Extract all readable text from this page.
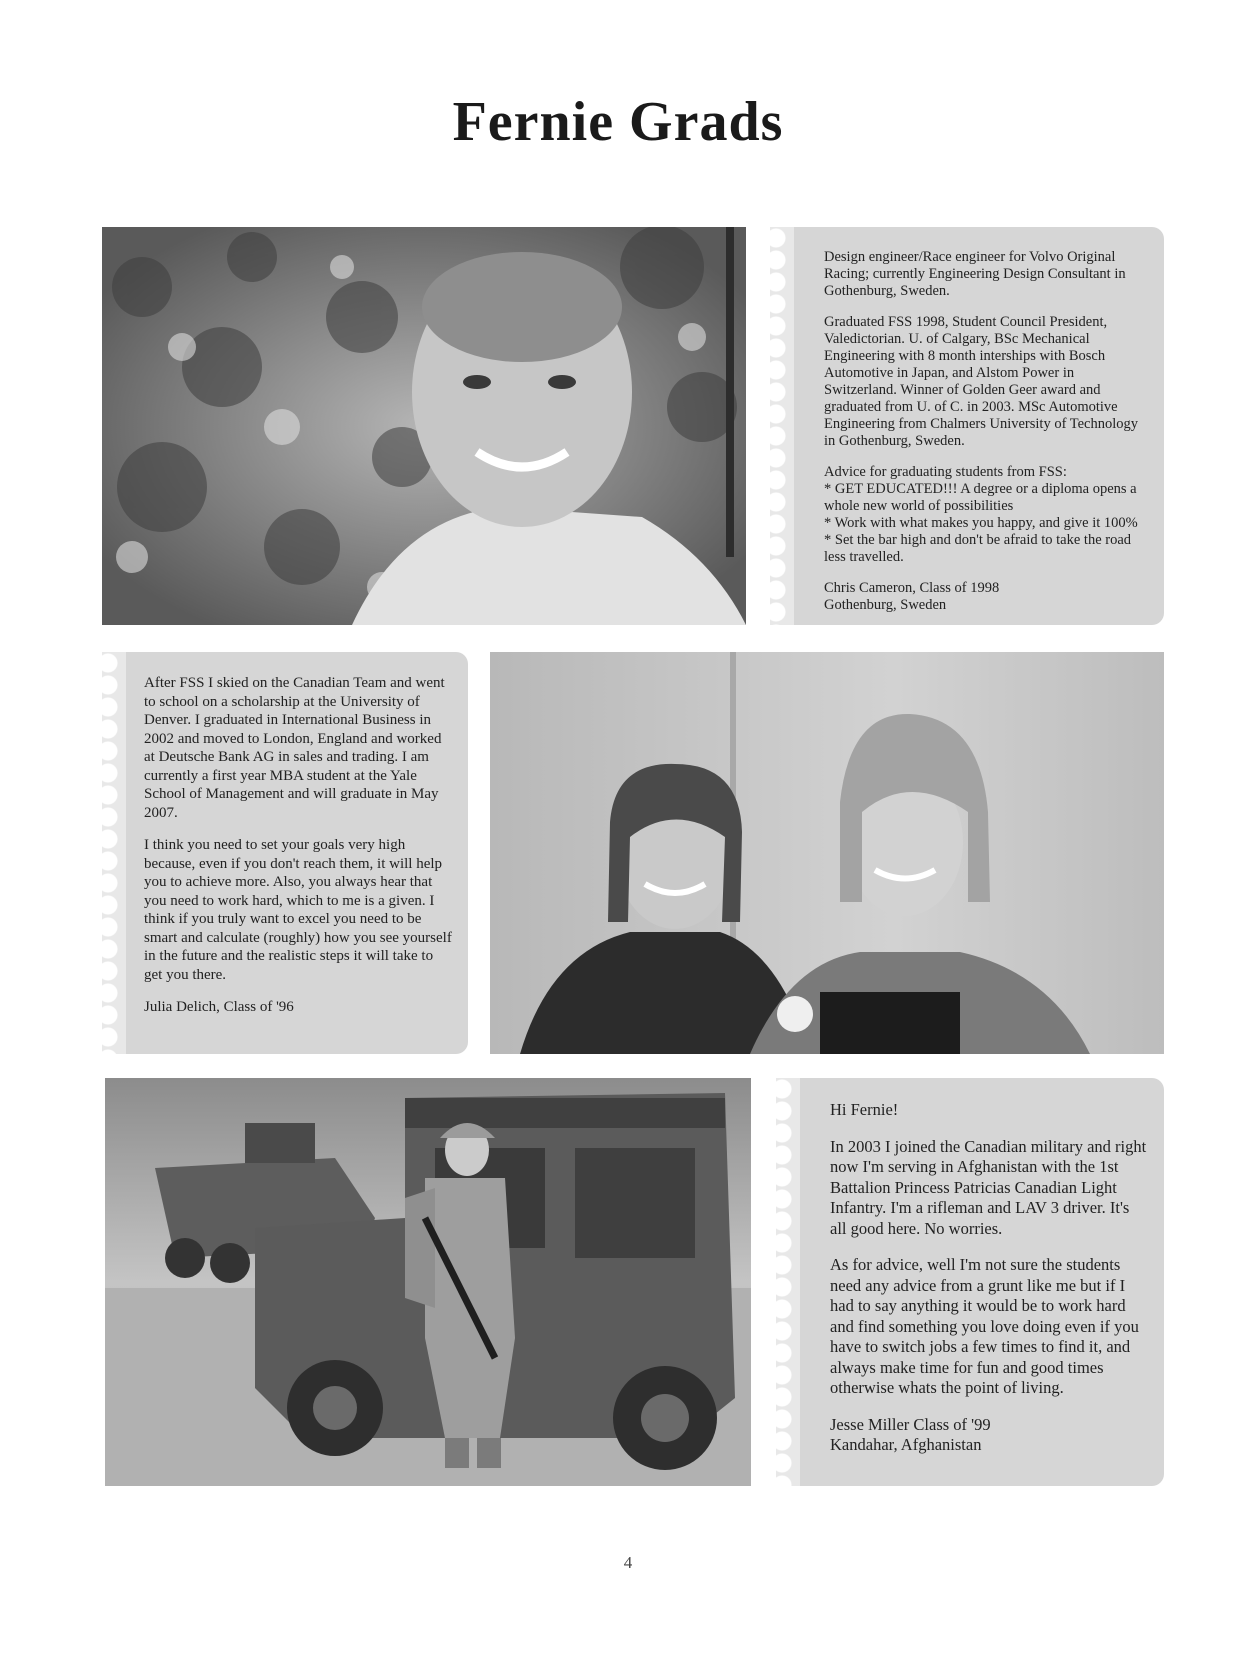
Fernie Grads

Design engineer/Race engineer for Volvo Original Racing; currently Engineering Design Consultant in Gothenburg, Sweden.

Graduated FSS 1998, Student Council President, Valedictorian. U. of Calgary, BSc Mechanical Engineering with 8 month interships with Bosch Automotive in Japan, and Alstom Power in Switzerland. Winner of Golden Geer award and graduated from U. of C. in 2003. MSc Automotive Engineering from Chalmers University of Technology in Gothenburg, Sweden.

Advice for graduating students from FSS:
* GET EDUCATED!!! A degree or a diploma opens a whole new world of possibilities
* Work with what makes you happy, and give it 100%
* Set the bar high and don't be afraid to take the road less travelled.

Chris Cameron, Class of 1998
Gothenburg, Sweden

After FSS I skied on the Canadian Team and went to school on a scholarship at the University of Denver. I graduated in International Business in 2002 and moved to London, England and worked at Deutsche Bank AG in sales and trading. I am currently a first year MBA student at the Yale School of Management and will graduate in May 2007.

I think you need to set your goals very high because, even if you don't reach them, it will help you to achieve more. Also, you always hear that you need to work hard, which to me is a given. I think if you truly want to excel you need to be smart and calculate (roughly) how you see yourself in the future and the realistic steps it will take to get you there.

Julia Delich, Class of '96

Hi Fernie!

In 2003 I joined the Canadian military and right now I'm serving in Afghanistan with the 1st Battalion Princess Patricias Canadian Light Infantry. I'm a rifleman and LAV 3 driver. It's all good here. No worries.

As for advice, well I'm not sure the students need any advice from a grunt like me but if I had to say anything it would be to work hard and find something you love doing even if you have to switch jobs a few times to find it, and always make time for fun and good times otherwise whats the point of living.

Jesse Miller Class of '99
Kandahar, Afghanistan

4
